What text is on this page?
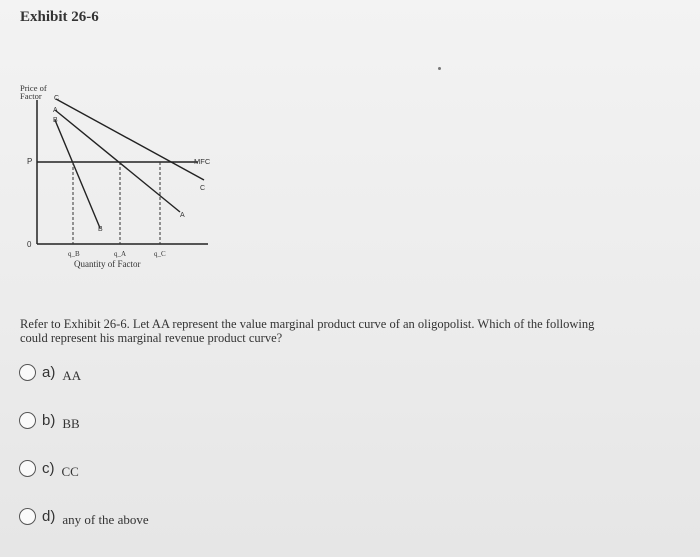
Exhibit 26-6
Price of
Factor C
A
B
P	MFC
C
A
B
0
q_B	q_A	q_C
Quantity of Factor
Refer to Exhibit 26-6. Let AA represent the value marginal product curve of an oligopolist. Which of the following could represent his marginal revenue product curve?
a) AA
b) BB
c) CC
d) any of the above
